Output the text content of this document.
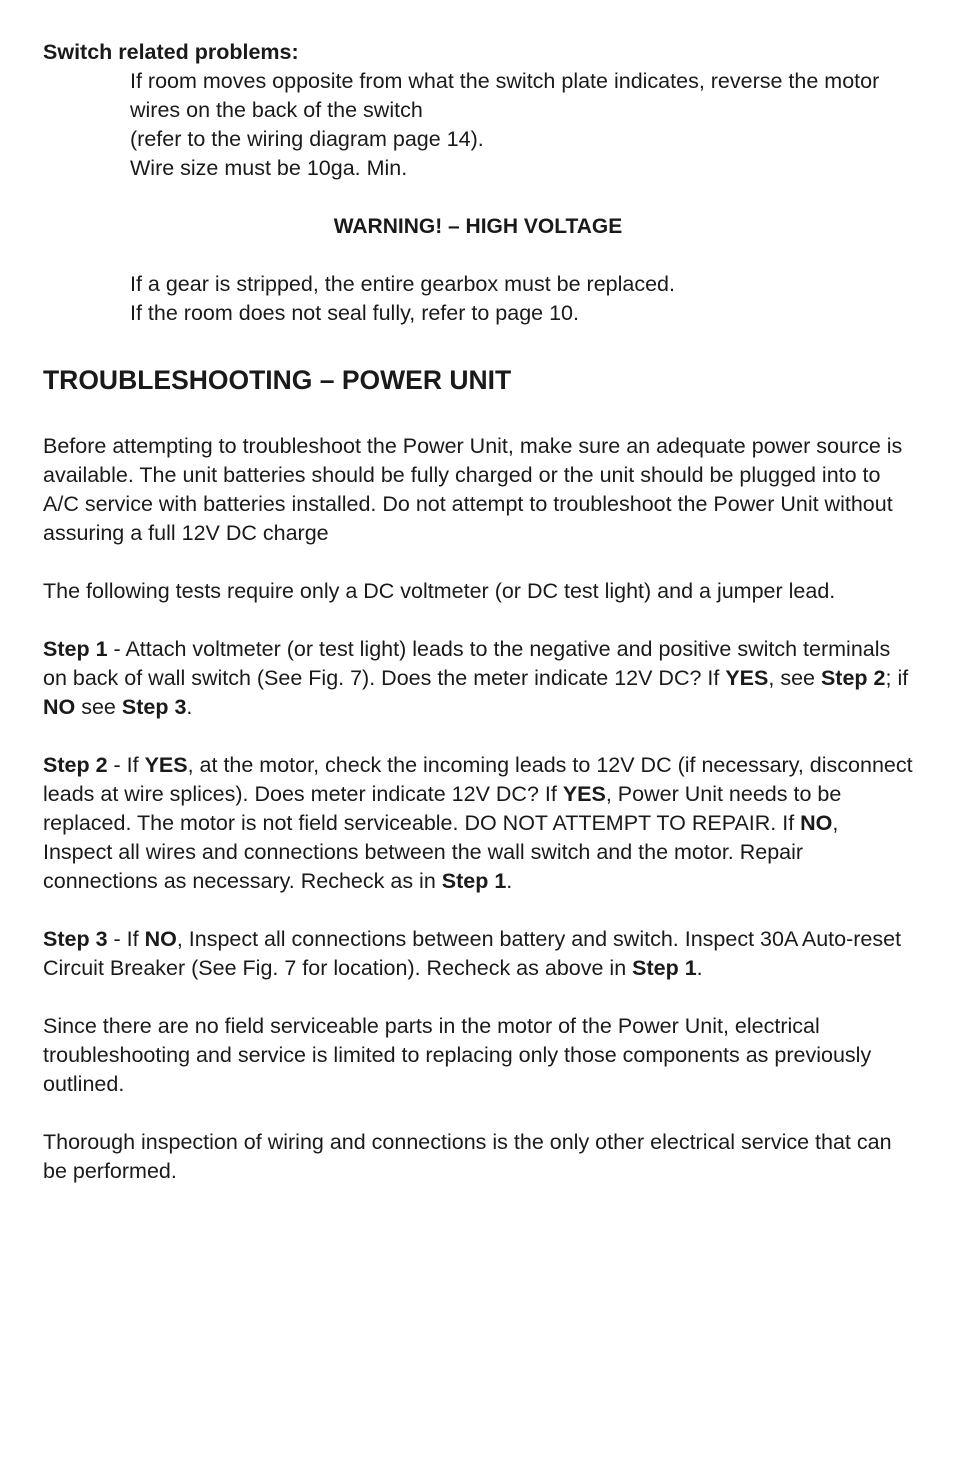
Switch related problems:

If room moves opposite from what the switch plate indicates, reverse the motor wires on the back of the switch

(refer to the wiring diagram page 14).

Wire size must be 10ga. Min.

WARNING! – HIGH VOLTAGE

If a gear is stripped, the entire gearbox must be replaced.

If the room does not seal fully, refer to page 10.

TROUBLESHOOTING – POWER UNIT

Before attempting to troubleshoot the Power Unit, make sure an adequate power source is available. The unit batteries should be fully charged or the unit should be plugged into to A/C service with batteries installed. Do not attempt to troubleshoot the Power Unit without assuring a full 12V DC charge

The following tests require only a DC voltmeter (or DC test light) and a jumper lead.

Step 1 - Attach voltmeter (or test light) leads to the negative and positive switch terminals on back of wall switch (See Fig. 7). Does the meter indicate 12V DC? If YES, see Step 2; if NO see Step 3.

Step 2 - If YES, at the motor, check the incoming leads to 12V DC (if necessary, disconnect leads at wire splices). Does meter indicate 12V DC? If YES, Power Unit needs to be replaced. The motor is not field serviceable. DO NOT ATTEMPT TO REPAIR. If NO, Inspect all wires and connections between the wall switch and the motor. Repair connections as necessary. Recheck as in Step 1.

Step 3 - If NO, Inspect all connections between battery and switch. Inspect 30A Auto-reset Circuit Breaker (See Fig. 7 for location). Recheck as above in Step 1.

Since there are no field serviceable parts in the motor of the Power Unit, electrical troubleshooting and service is limited to replacing only those components as previously outlined.

Thorough inspection of wiring and connections is the only other electrical service that can be performed.
